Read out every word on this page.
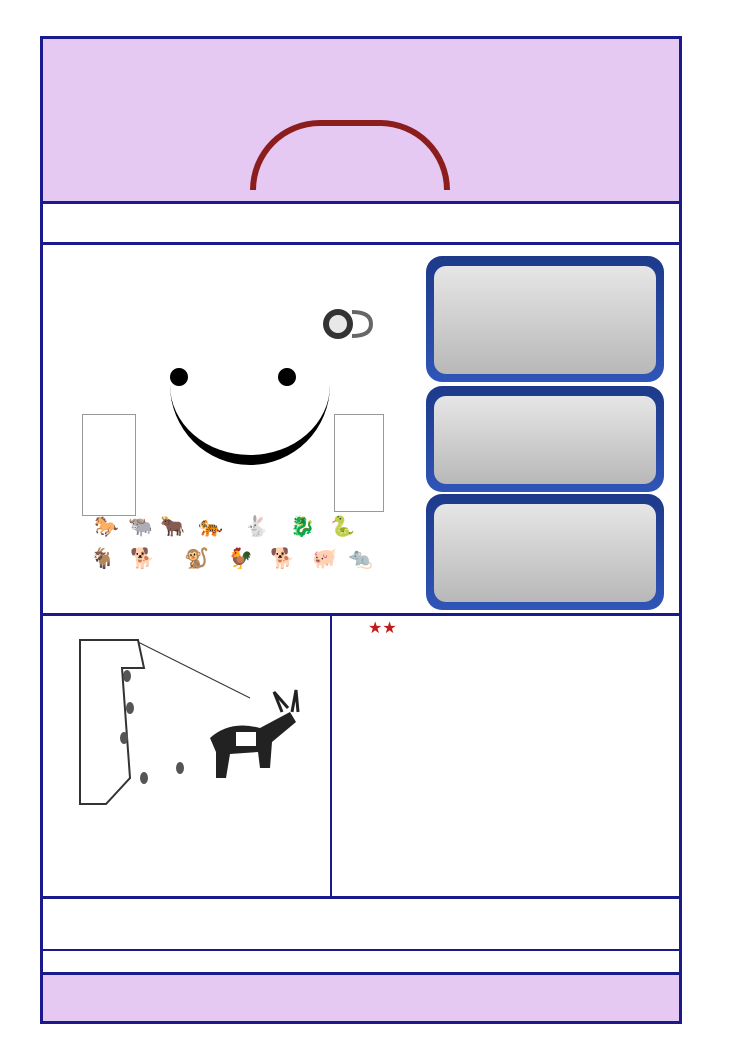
🐎 🐃 🐂 🐅 🐇 🐉 🐍
🐐 🐕 🐒 🐓 🐕 🐖 🐀
★★
